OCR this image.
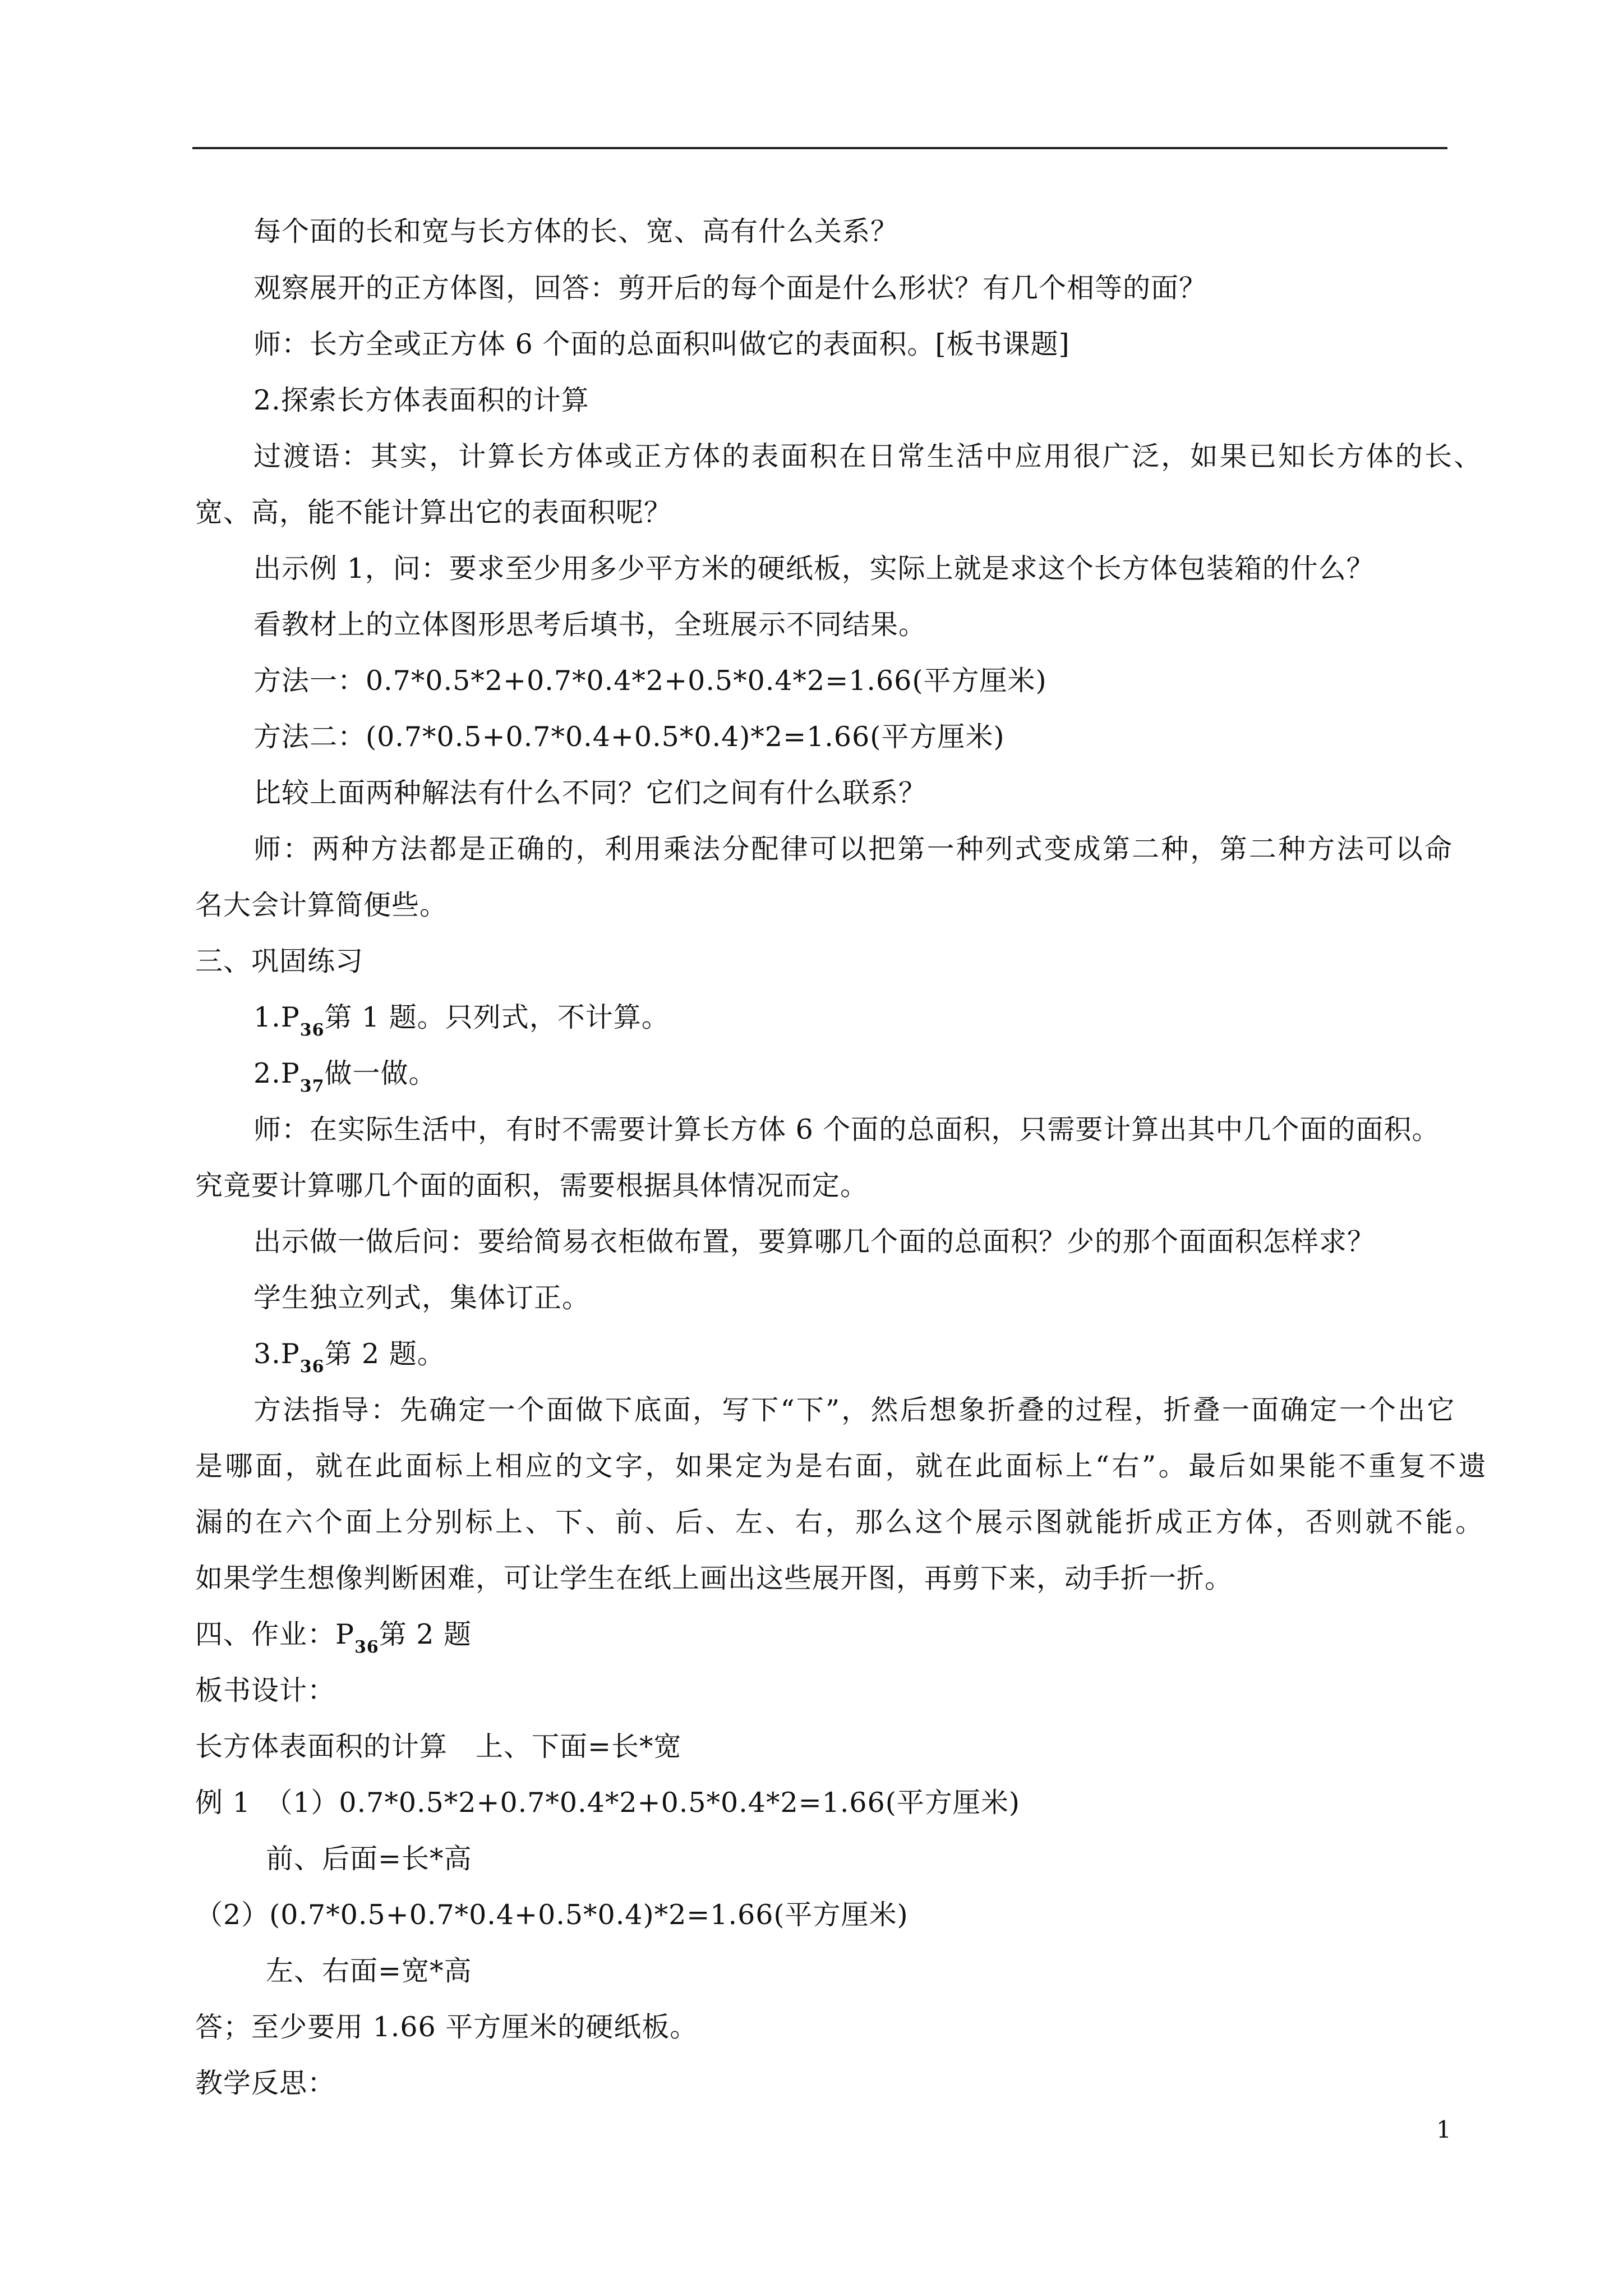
每个面的长和宽与长方体的长、宽、高有什么关系？
观察展开的正方体图，回答：剪开后的每个面是什么形状？有几个相等的面？
师：长方全或正方体 6 个面的总面积叫做它的表面积。[板书课题]
2.探索长方体表面积的计算
过渡语：其实，计算长方体或正方体的表面积在日常生活中应用很广泛，如果已知长方体的长、
宽、高，能不能计算出它的表面积呢？
出示例 1，问：要求至少用多少平方米的硬纸板，实际上就是求这个长方体包装箱的什么？
看教材上的立体图形思考后填书，全班展示不同结果。
方法一：0.7*0.5*2+0.7*0.4*2+0.5*0.4*2=1.66(平方厘米)
方法二：(0.7*0.5+0.7*0.4+0.5*0.4)*2=1.66(平方厘米)
比较上面两种解法有什么不同？它们之间有什么联系？
师：两种方法都是正确的，利用乘法分配律可以把第一种列式变成第二种，第二种方法可以命
名大会计算简便些。
三、巩固练习
$1.P_{36}$第 1 题。只列式，不计算。
$2.P_{37}$做一做。
师：在实际生活中，有时不需要计算长方体 6 个面的总面积，只需要计算出其中几个面的面积。
究竟要计算哪几个面的面积，需要根据具体情况而定。
出示做一做后问：要给简易衣柜做布置，要算哪几个面的总面积？少的那个面面积怎样求？
学生独立列式，集体订正。
$3.P_{36}$第 2 题。
方法指导：先确定一个面做下底面，写下“下”，然后想象折叠的过程，折叠一面确定一个出它
是哪面，就在此面标上相应的文字，如果定为是右面，就在此面标上“右”。最后如果能不重复不遗
漏的在六个面上分别标上、下、前、后、左、右，那么这个展示图就能折成正方体，否则就不能。
如果学生想像判断困难，可让学生在纸上画出这些展开图，再剪下来，动手折一折。
四、作业：$P_{36}$第 2 题
板书设计：
长方体表面积的计算　上、下面=长*宽
例 1　（1）0.7*0.5*2+0.7*0.4*2+0.5*0.4*2=1.66(平方厘米)
前、后面=长*高
（2）(0.7*0.5+0.7*0.4+0.5*0.4)*2=1.66(平方厘米)
左、右面=宽*高
答；至少要用 1.66 平方厘米的硬纸板。
教学反思：
1
